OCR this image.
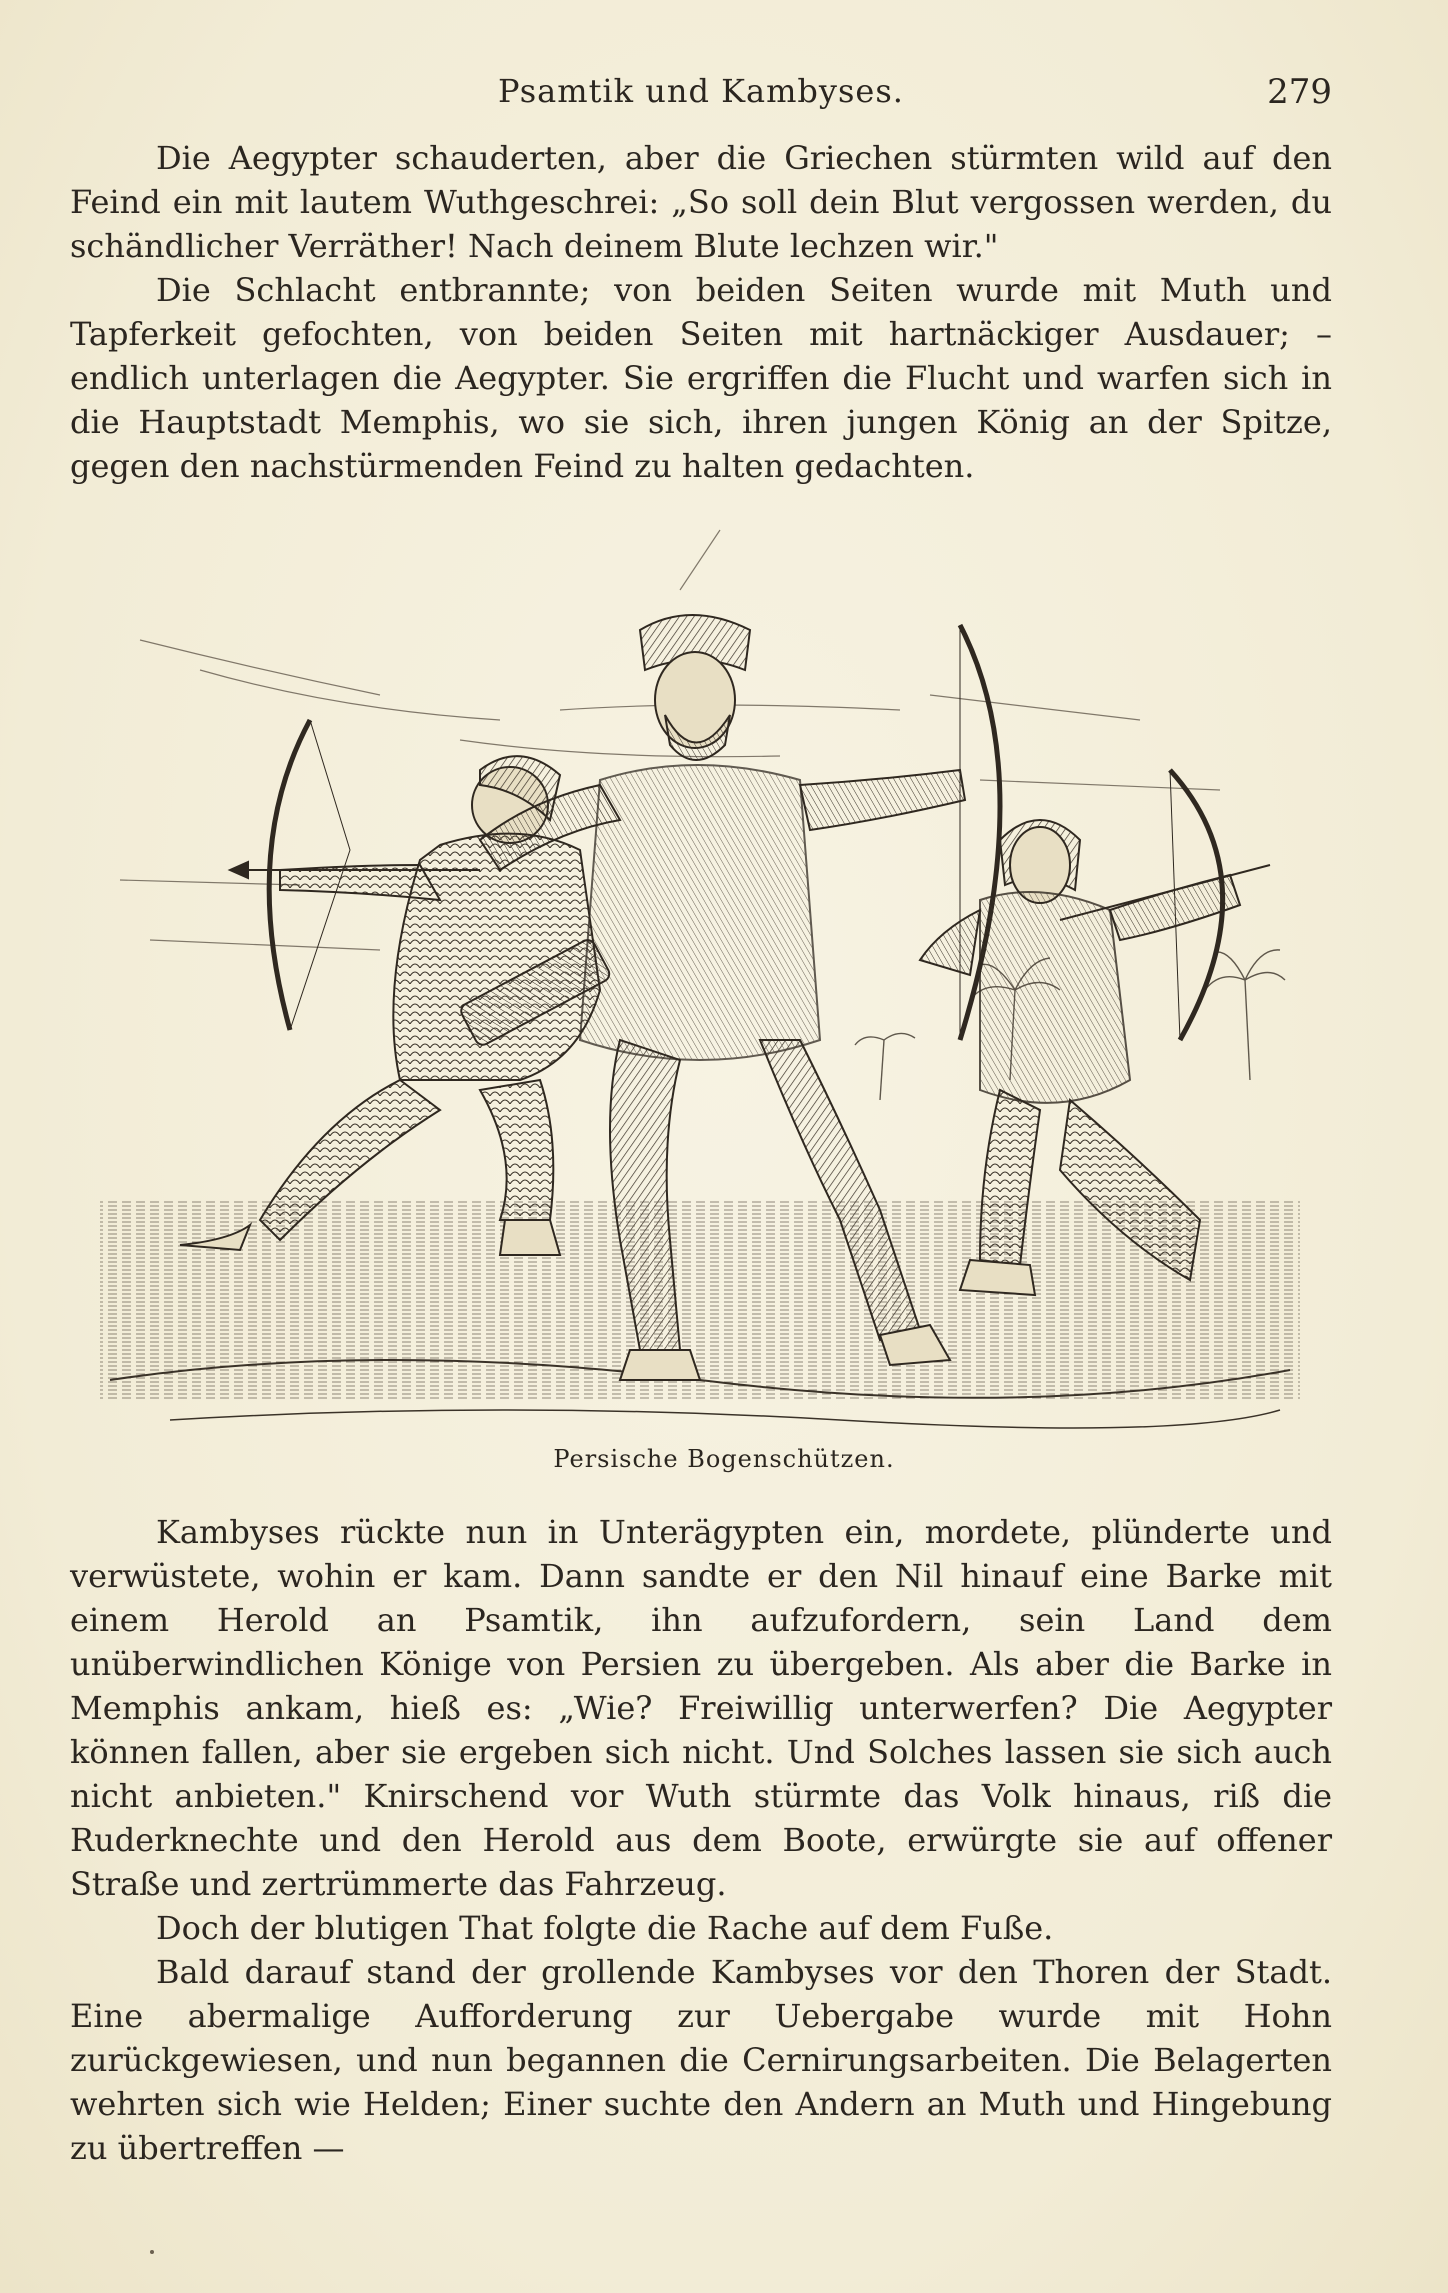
Psamtik und Kambyses.	279

Die Aegypter schauderten, aber die Griechen stürmten wild auf den Feind ein mit lautem Wuthgeschrei: „So soll dein Blut vergossen werden, du schändlicher Verräther! Nach deinem Blute lechzen wir."

Die Schlacht entbrannte; von beiden Seiten wurde mit Muth und Tapferkeit gefochten, von beiden Seiten mit hartnäckiger Ausdauer; – endlich unterlagen die Aegypter. Sie ergriffen die Flucht und warfen sich in die Hauptstadt Memphis, wo sie sich, ihren jungen König an der Spitze, gegen den nachstürmenden Feind zu halten gedachten.

Persische Bogenschützen.

Kambyses rückte nun in Unterägypten ein, mordete, plünderte und verwüstete, wohin er kam. Dann sandte er den Nil hinauf eine Barke mit einem Herold an Psamtik, ihn aufzufordern, sein Land dem unüberwindlichen Könige von Persien zu übergeben. Als aber die Barke in Memphis ankam, hieß es: „Wie? Freiwillig unterwerfen? Die Aegypter können fallen, aber sie ergeben sich nicht. Und Solches lassen sie sich auch nicht anbieten." Knirschend vor Wuth stürmte das Volk hinaus, riß die Ruderknechte und den Herold aus dem Boote, erwürgte sie auf offener Straße und zertrümmerte das Fahrzeug.

Doch der blutigen That folgte die Rache auf dem Fuße.

Bald darauf stand der grollende Kambyses vor den Thoren der Stadt. Eine abermalige Aufforderung zur Uebergabe wurde mit Hohn zurückgewiesen, und nun begannen die Cernirungsarbeiten. Die Belagerten wehrten sich wie Helden; Einer suchte den Andern an Muth und Hingebung zu übertreffen —
